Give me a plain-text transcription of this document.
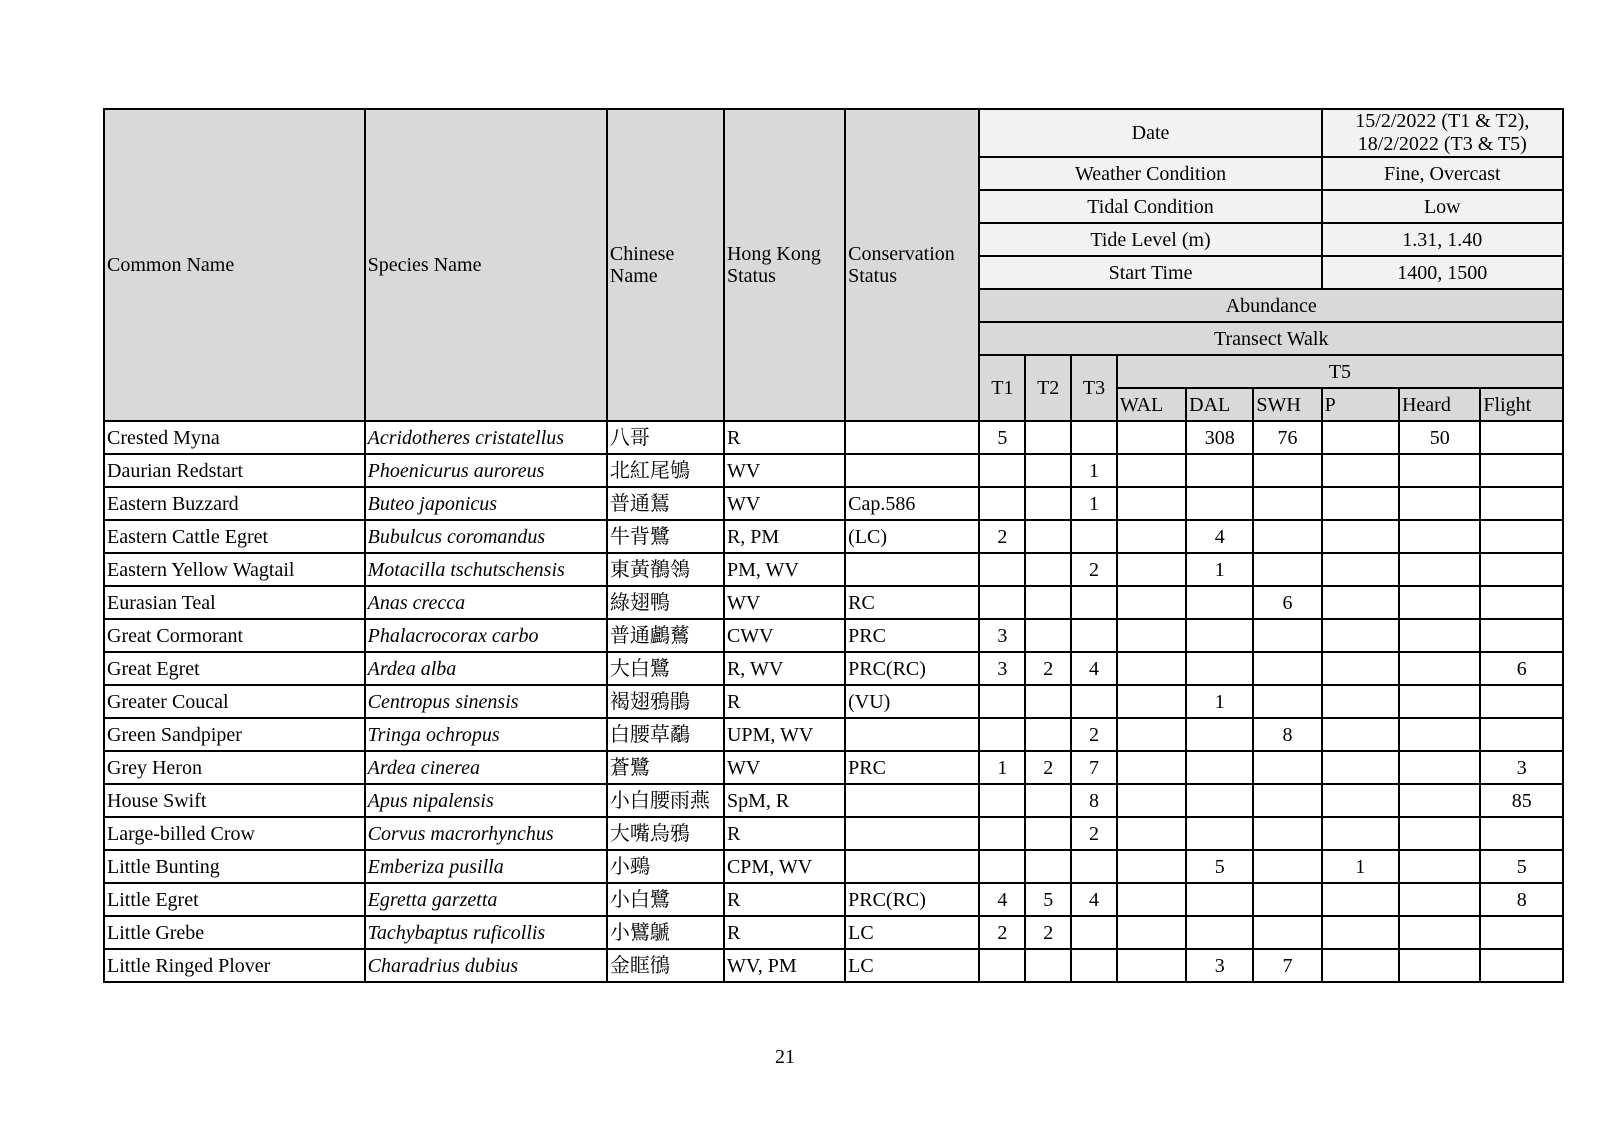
Common Name	Species Name	Chinese Name	Hong Kong Status	Conservation Status	Date						15/2/2022 (T1 & T2), 18/2/2022 (T3 & T5)		
					Weather Condition						Fine, Overcast		
					Tidal Condition						Low		
					Tide Level (m)						1.31, 1.40		
					Start Time						1400, 1500		
					Abundance								
					Transect Walk								
					T1	T2	T3	T5					
								WAL	DAL	SWH	P	Heard	Flight
Crested Myna	Acridotheres cristatellus	八哥	R		5				308	76		50	
Daurian Redstart	Phoenicurus auroreus	北紅尾鴝	WV				1						
Eastern Buzzard	Buteo japonicus	普通鵟	WV	Cap.586			1						
Eastern Cattle Egret	Bubulcus coromandus	牛背鷺	R, PM	(LC)	2				4				
Eastern Yellow Wagtail	Motacilla tschutschensis	東黃鶺鴒	PM, WV				2		1				
Eurasian Teal	Anas crecca	綠翅鴨	WV	RC						6			
Great Cormorant	Phalacrocorax carbo	普通鸕鶿	CWV	PRC	3								
Great Egret	Ardea alba	大白鷺	R, WV	PRC(RC)	3	2	4						6
Greater Coucal	Centropus sinensis	褐翅鴉鵑	R	(VU)					1				
Green Sandpiper	Tringa ochropus	白腰草鷸	UPM, WV				2			8			
Grey Heron	Ardea cinerea	蒼鷺	WV	PRC	1	2	7						3
House Swift	Apus nipalensis	小白腰雨燕	SpM, R				8						85
Large-billed Crow	Corvus macrorhynchus	大嘴烏鴉	R				2						
Little Bunting	Emberiza pusilla	小鵐	CPM, WV						5		1		5
Little Egret	Egretta garzetta	小白鷺	R	PRC(RC)	4	5	4						8
Little Grebe	Tachybaptus ruficollis	小鷿鷈	R	LC	2	2							
Little Ringed Plover	Charadrius dubius	金眶鴴	WV, PM	LC					3	7			
21
